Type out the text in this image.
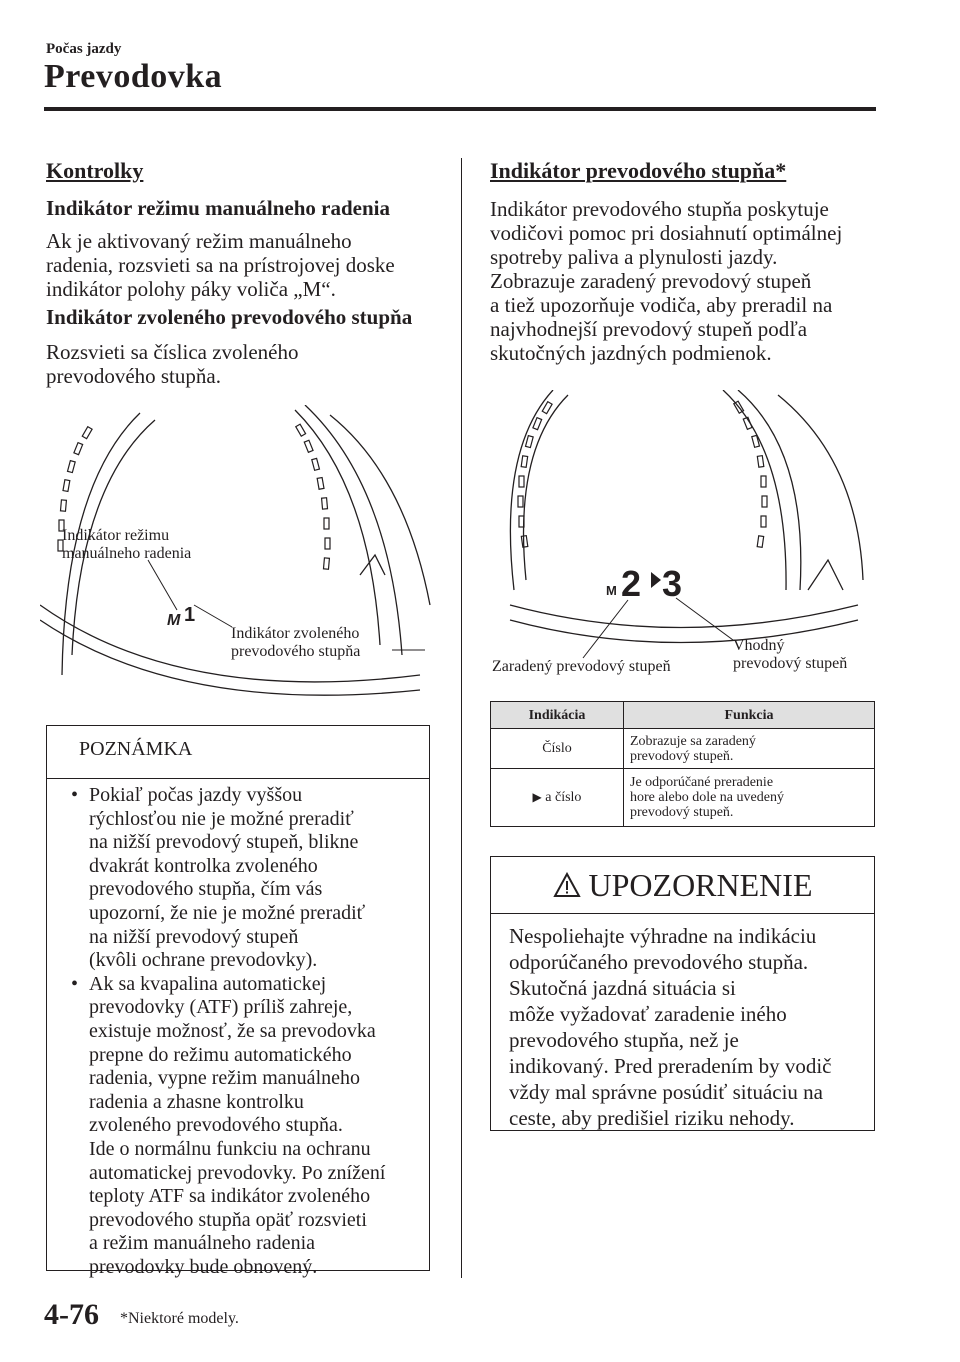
Počas jazdy
Prevodovka
Kontrolky
Indikátor režimu manuálneho radenia
Ak je aktivovaný režim manuálneho
radenia, rozsvieti sa na prístrojovej doske
indikátor polohy páky voliča „M“.
Indikátor zvoleného prevodového stupňa
Rozsvieti sa číslica zvoleného
prevodového stupňa.
M 1
Indikátor režimu
manuálneho radenia
Indikátor zvoleného
prevodového stupňa
POZNÁMKA
• Pokiaľ počas jazdy vyššou
rýchlosťou nie je možné preradiť
na nižší prevodový stupeň, blikne
dvakrát kontrolka zvoleného
prevodového stupňa, čím vás
upozorní, že nie je možné preradiť
na nižší prevodový stupeň
(kvôli ochrane prevodovky).
• Ak sa kvapalina automatickej
prevodovky (ATF) príliš zahreje,
existuje možnosť, že sa prevodovka
prepne do režimu automatického
radenia, vypne režim manuálneho
radenia a zhasne kontrolku
zvoleného prevodového stupňa.
Ide o normálnu funkciu na ochranu
automatickej prevodovky. Po znížení
teploty ATF sa indikátor zvoleného
prevodového stupňa opäť rozsvieti
a režim manuálneho radenia
prevodovky bude obnovený.
Indikátor prevodového stupňa*
Indikátor prevodového stupňa poskytuje
vodičovi pomoc pri dosiahnutí optimálnej
spotreby paliva a plynulosti jazdy.
Zobrazuje zaradený prevodový stupeň
a tiež upozorňuje vodiča, aby preradil na
najvhodnejší prevodový stupeň podľa
skutočných jazdných podmienok.
M 2 3
Zaradený prevodový stupeň
Vhodný
prevodový stupeň
Indikácia	Funkcia
Číslo	Zobrazuje sa zaradený
prevodový stupeň.

▶ a číslo	Je odporúčané preradenie
hore alebo dole na uvedený
prevodový stupeň.
UPOZORNENIE
Nespoliehajte výhradne na indikáciu
odporúčaného prevodového stupňa.
Skutočná jazdná situácia si
môže vyžadovať zaradenie iného
prevodového stupňa, než je
indikovaný. Pred preradením by vodič
vždy mal správne posúdiť situáciu na
ceste, aby predišiel riziku nehody.
4-76 *Niektoré modely.
